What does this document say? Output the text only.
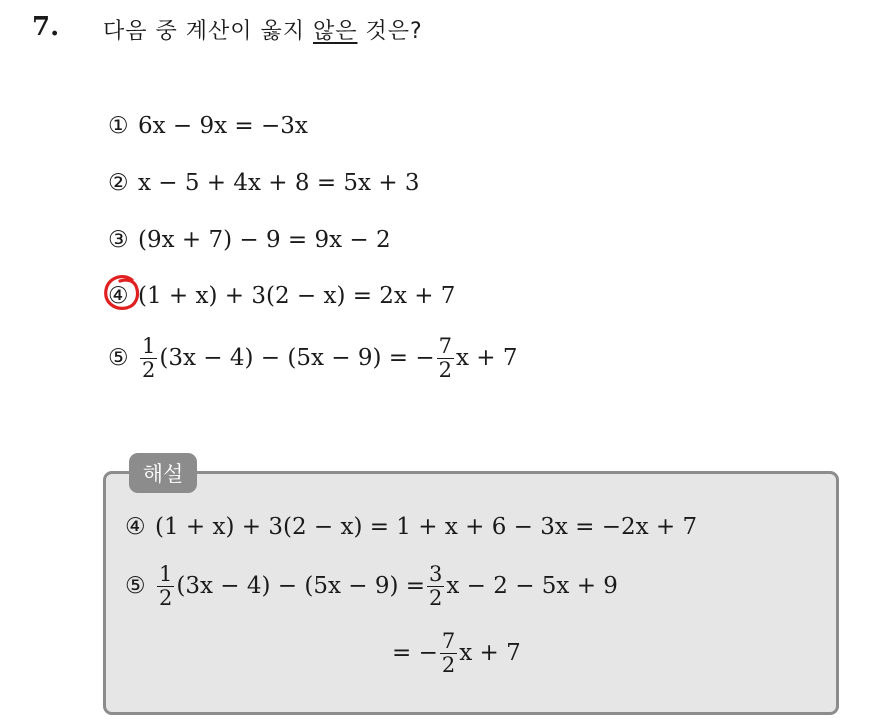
7. 다음 중 계산이 옳지 않은 것은?
① 6x − 9x = −3x
② x − 5 + 4x + 8 = 5x + 3
③ (9x + 7) − 9 = 9x − 2
④ (1 + x) + 3(2 − x) = 2x + 7
⑤ $\frac{1}{2} (3x - 4) - (5x - 9)$ = − $\frac{7}{2}$ x + 7
해설
④ (1 + x) + 3(2 − x) = 1 + x + 6 − 3x = −2x + 7
⑤ $\frac{1}{2} (3x - 4) - (5x - 9) = \frac{3}{2}$ x − 2 − 5x + 9
= − $\frac{7}{2}$ x + 7
